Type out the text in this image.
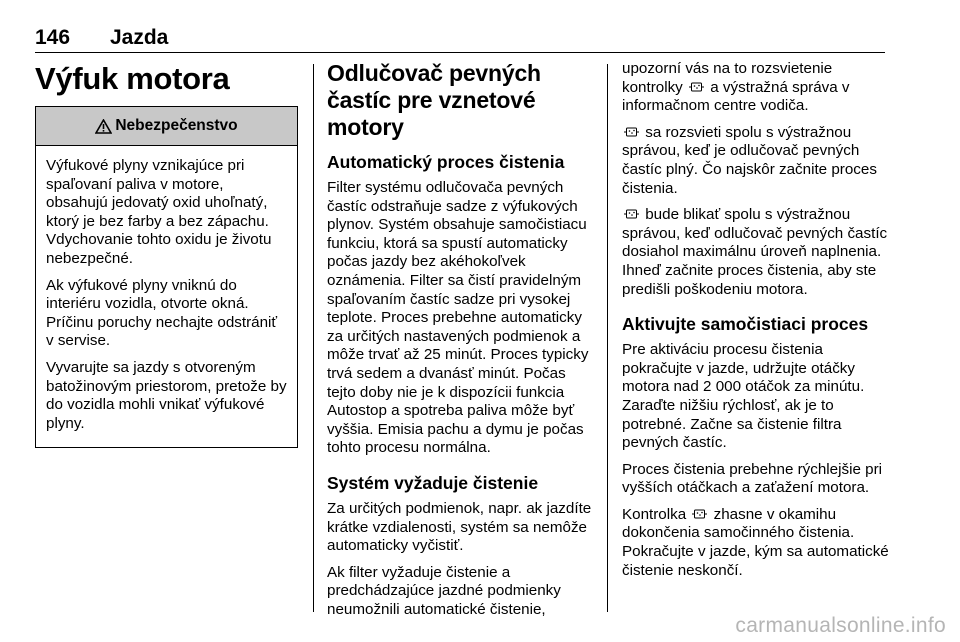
146 Jazda
Výfuk motora
Nebezpečenstvo

Výfukové plyny vznikajúce pri spaľovaní paliva v motore, obsahujú jedovatý oxid uhoľnatý, ktorý je bez farby a bez zápachu. Vdychovanie tohto oxidu je životu nebezpečné.

Ak výfukové plyny vniknú do interiéru vozidla, otvorte okná. Príčinu poruchy nechajte odstrániť v servise.

Vyvarujte sa jazdy s otvoreným batožinovým priestorom, pretože by do vozidla mohli vnikať výfukové plyny.

Odlučovač pevných častíc pre vznetové motory
Automatický proces čistenia

Filter systému odlučovača pevných častíc odstraňuje sadze z výfukových plynov. Systém obsahuje samočistiacu funkciu, ktorá sa spustí automaticky počas jazdy bez akéhokoľvek oznámenia. Filter sa čistí pravidelným spaľovaním častíc sadze pri vysokej teplote. Proces prebehne automaticky za určitých nastavených podmienok a môže trvať až 25 minút. Proces typicky trvá sedem a dvanásť minút. Počas tejto doby nie je k dispozícii funkcia Autostop a spotreba paliva môže byť vyššia. Emisia pachu a dymu je počas tohto procesu normálna.

Systém vyžaduje čistenie

Za určitých podmienok, napr. ak jazdíte krátke vzdialenosti, systém sa nemôže automaticky vyčistiť.

Ak filter vyžaduje čistenie a predchádzajúce jazdné podmienky neumožnili automatické čistenie,

upozorní vás na to rozsvietenie kontrolky a výstražná správa v informačnom centre vodiča.

sa rozsvieti spolu s výstražnou správou, keď je odlučovač pevných častíc plný. Čo najskôr začnite proces čistenia.

bude blikať spolu s výstražnou správou, keď odlučovač pevných častíc dosiahol maximálnu úroveň naplnenia. Ihneď začnite proces čistenia, aby ste predišli poškodeniu motora.

Aktivujte samočistiaci proces

Pre aktiváciu procesu čistenia pokračujte v jazde, udržujte otáčky motora nad 2 000 otáčok za minútu. Zaraďte nižšiu rýchlosť, ak je to potrebné. Začne sa čistenie filtra pevných častíc.

Proces čistenia prebehne rýchlejšie pri vyšších otáčkach a zaťažení motora.

Kontrolka zhasne v okamihu dokončenia samočinného čistenia. Pokračujte v jazde, kým sa automatické čistenie neskončí.

carmanualsonline.info
